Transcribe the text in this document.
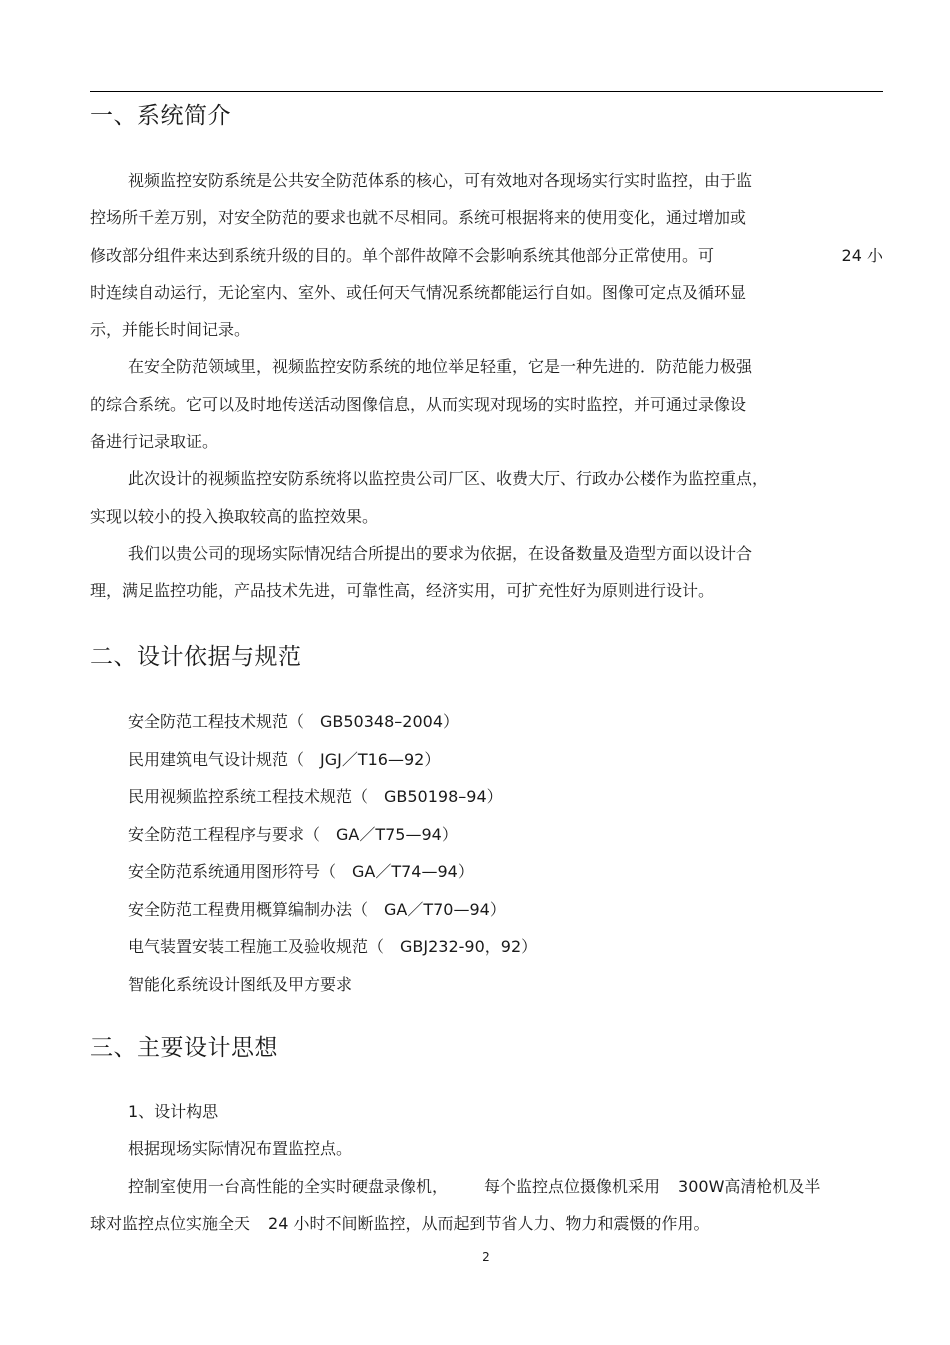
一、系统简介
视频监控安防系统是公共安全防范体系的核心，可有效地对各现场实行实时监控，由于监
控场所千差万别，对安全防范的要求也就不尽相同。系统可根据将来的使用变化，通过增加或
修改部分组件来达到系统升级的目的。单个部件故障不会影响系统其他部分正常使用。可	24 小
时连续自动运行，无论室内、室外、或任何天气情况系统都能运行自如。图像可定点及循环显
示，并能长时间记录。
在安全防范领域里，视频监控安防系统的地位举足轻重，它是一种先进的．防范能力极强
的综合系统。它可以及时地传送活动图像信息，从而实现对现场的实时监控，并可通过录像设
备进行记录取证。
此次设计的视频监控安防系统将以监控贵公司厂区、收费大厅、行政办公楼作为监控重点，
实现以较小的投入换取较高的监控效果。
我们以贵公司的现场实际情况结合所提出的要求为依据，在设备数量及造型方面以设计合
理，满足监控功能，产品技术先进，可靠性高，经济实用，可扩充性好为原则进行设计。
二、设计依据与规范
安全防范工程技术规范（　GB50348–2004）
民用建筑电气设计规范（　JGJ／T16—92）
民用视频监控系统工程技术规范（　GB50198–94）
安全防范工程程序与要求（　GA／T75—94）
安全防范系统通用图形符号（　GA／T74—94）
安全防范工程费用概算编制办法（　GA／T70—94）
电气装置安装工程施工及验收规范（　GBJ232-90，92）
智能化系统设计图纸及甲方要求
三、主要设计思想
1、设计构思
根据现场实际情况布置监控点。
控制室使用一台高性能的全实时硬盘录像机， 每个监控点位摄像机采用 300W高清枪机及半
球对监控点位实施全天 24 小时不间断监控，从而起到节省人力、物力和震慑的作用。
2
